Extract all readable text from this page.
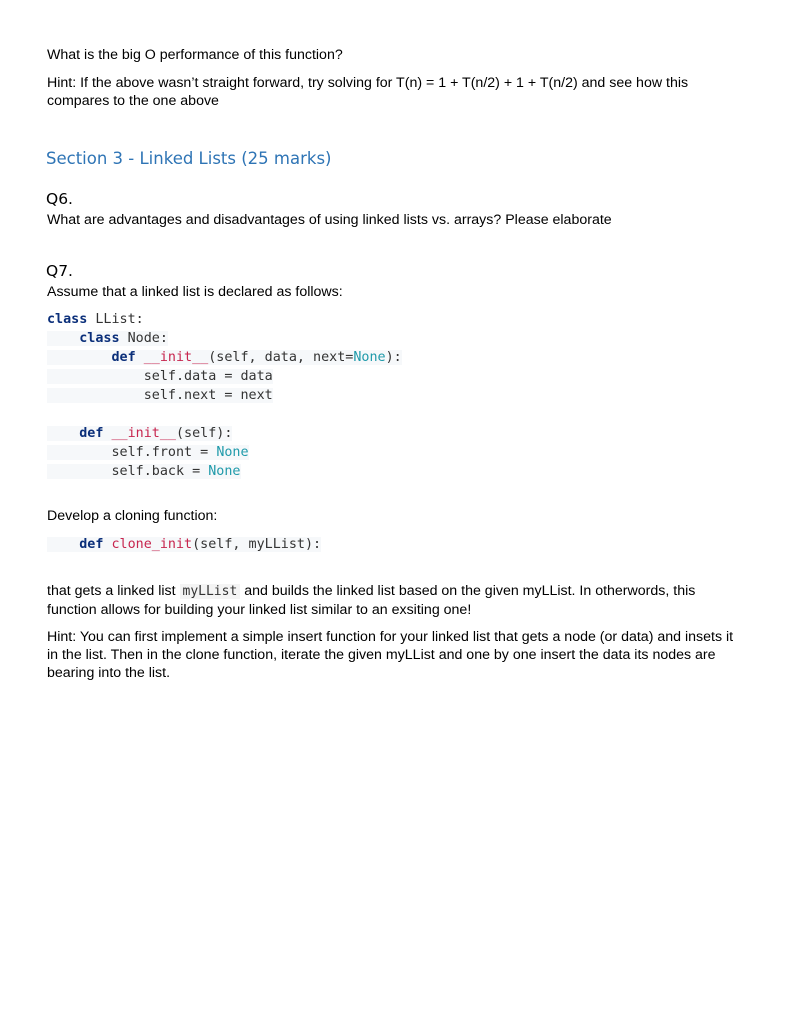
What is the big O performance of this function?
Hint: If the above wasn’t straight forward, try solving for T(n) = 1 + T(n/2) + 1 + T(n/2) and see how this
compares to the one above
Section 3 - Linked Lists (25 marks)
Q6.
What are advantages and disadvantages of using linked lists vs. arrays? Please elaborate
Q7.
Assume that a linked list is declared as follows:
class LList:
class Node:
def __init__(self, data, next=None):
self.data = data
self.next = next
def __init__(self):
self.front = None
self.back = None
Develop a cloning function:
def clone_init(self, myLList):
that gets a linked list myLList and builds the linked list based on the given myLList. In otherwords, this
function allows for building your linked list similar to an exsiting one!
Hint: You can first implement a simple insert function for your linked list that gets a node (or data) and insets it
in the list. Then in the clone function, iterate the given myLList and one by one insert the data its nodes are
bearing into the list.
